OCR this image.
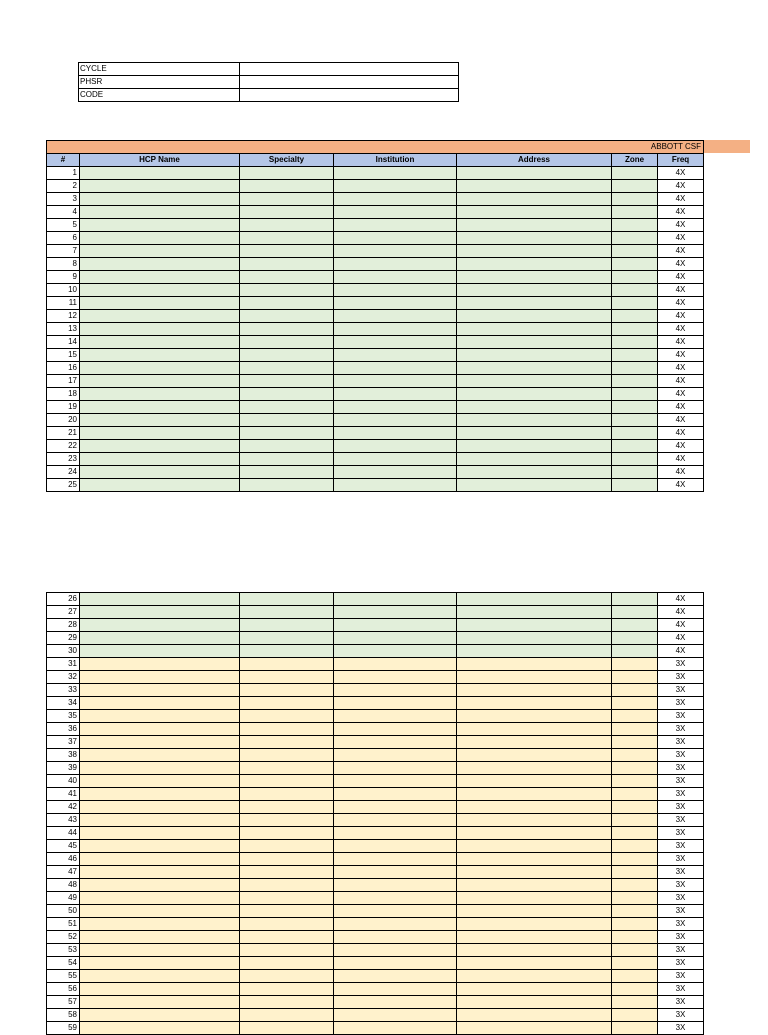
CYCLE	
PHSR	
CODE	
ABBOTT CSF						
#	HCP Name	Specialty	Institution	Address	Zone	Freq
1						4X
2						4X
3						4X
4						4X
5						4X
6						4X
7						4X
8						4X
9						4X
10						4X
11						4X
12						4X
13						4X
14						4X
15						4X
16						4X
17						4X
18						4X
19						4X
20						4X
21						4X
22						4X
23						4X
24						4X
25						4X
26						4X
27						4X
28						4X
29						4X
30						4X
31						3X
32						3X
33						3X
34						3X
35						3X
36						3X
37						3X
38						3X
39						3X
40						3X
41						3X
42						3X
43						3X
44						3X
45						3X
46						3X
47						3X
48						3X
49						3X
50						3X
51						3X
52						3X
53						3X
54						3X
55						3X
56						3X
57						3X
58						3X
59						3X
